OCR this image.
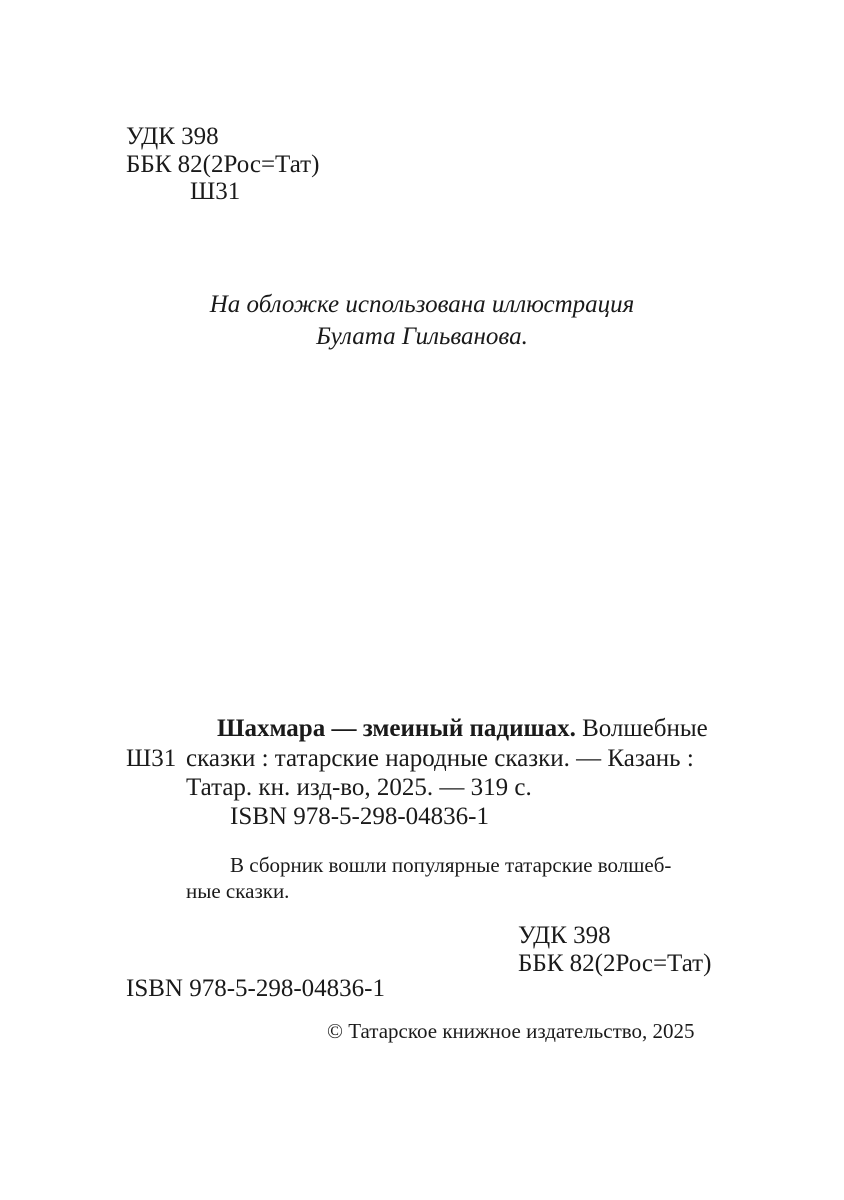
УДК 398
ББК 82(2Рос=Тат)
Ш31
На обложке использована иллюстрация
Булата Гильванова.
Шахмара — змеиный падишах. Волшебные
Ш31 сказки : татарские народные сказки. — Казань :
Татар. кн. изд-во, 2025. — 319 с.
ISBN 978-5-298-04836-1
В сборник вошли популярные татарские волшеб-
ные сказки.
УДК 398
ББК 82(2Рос=Тат)
ISBN 978-5-298-04836-1
© Татарское книжное издательство, 2025
